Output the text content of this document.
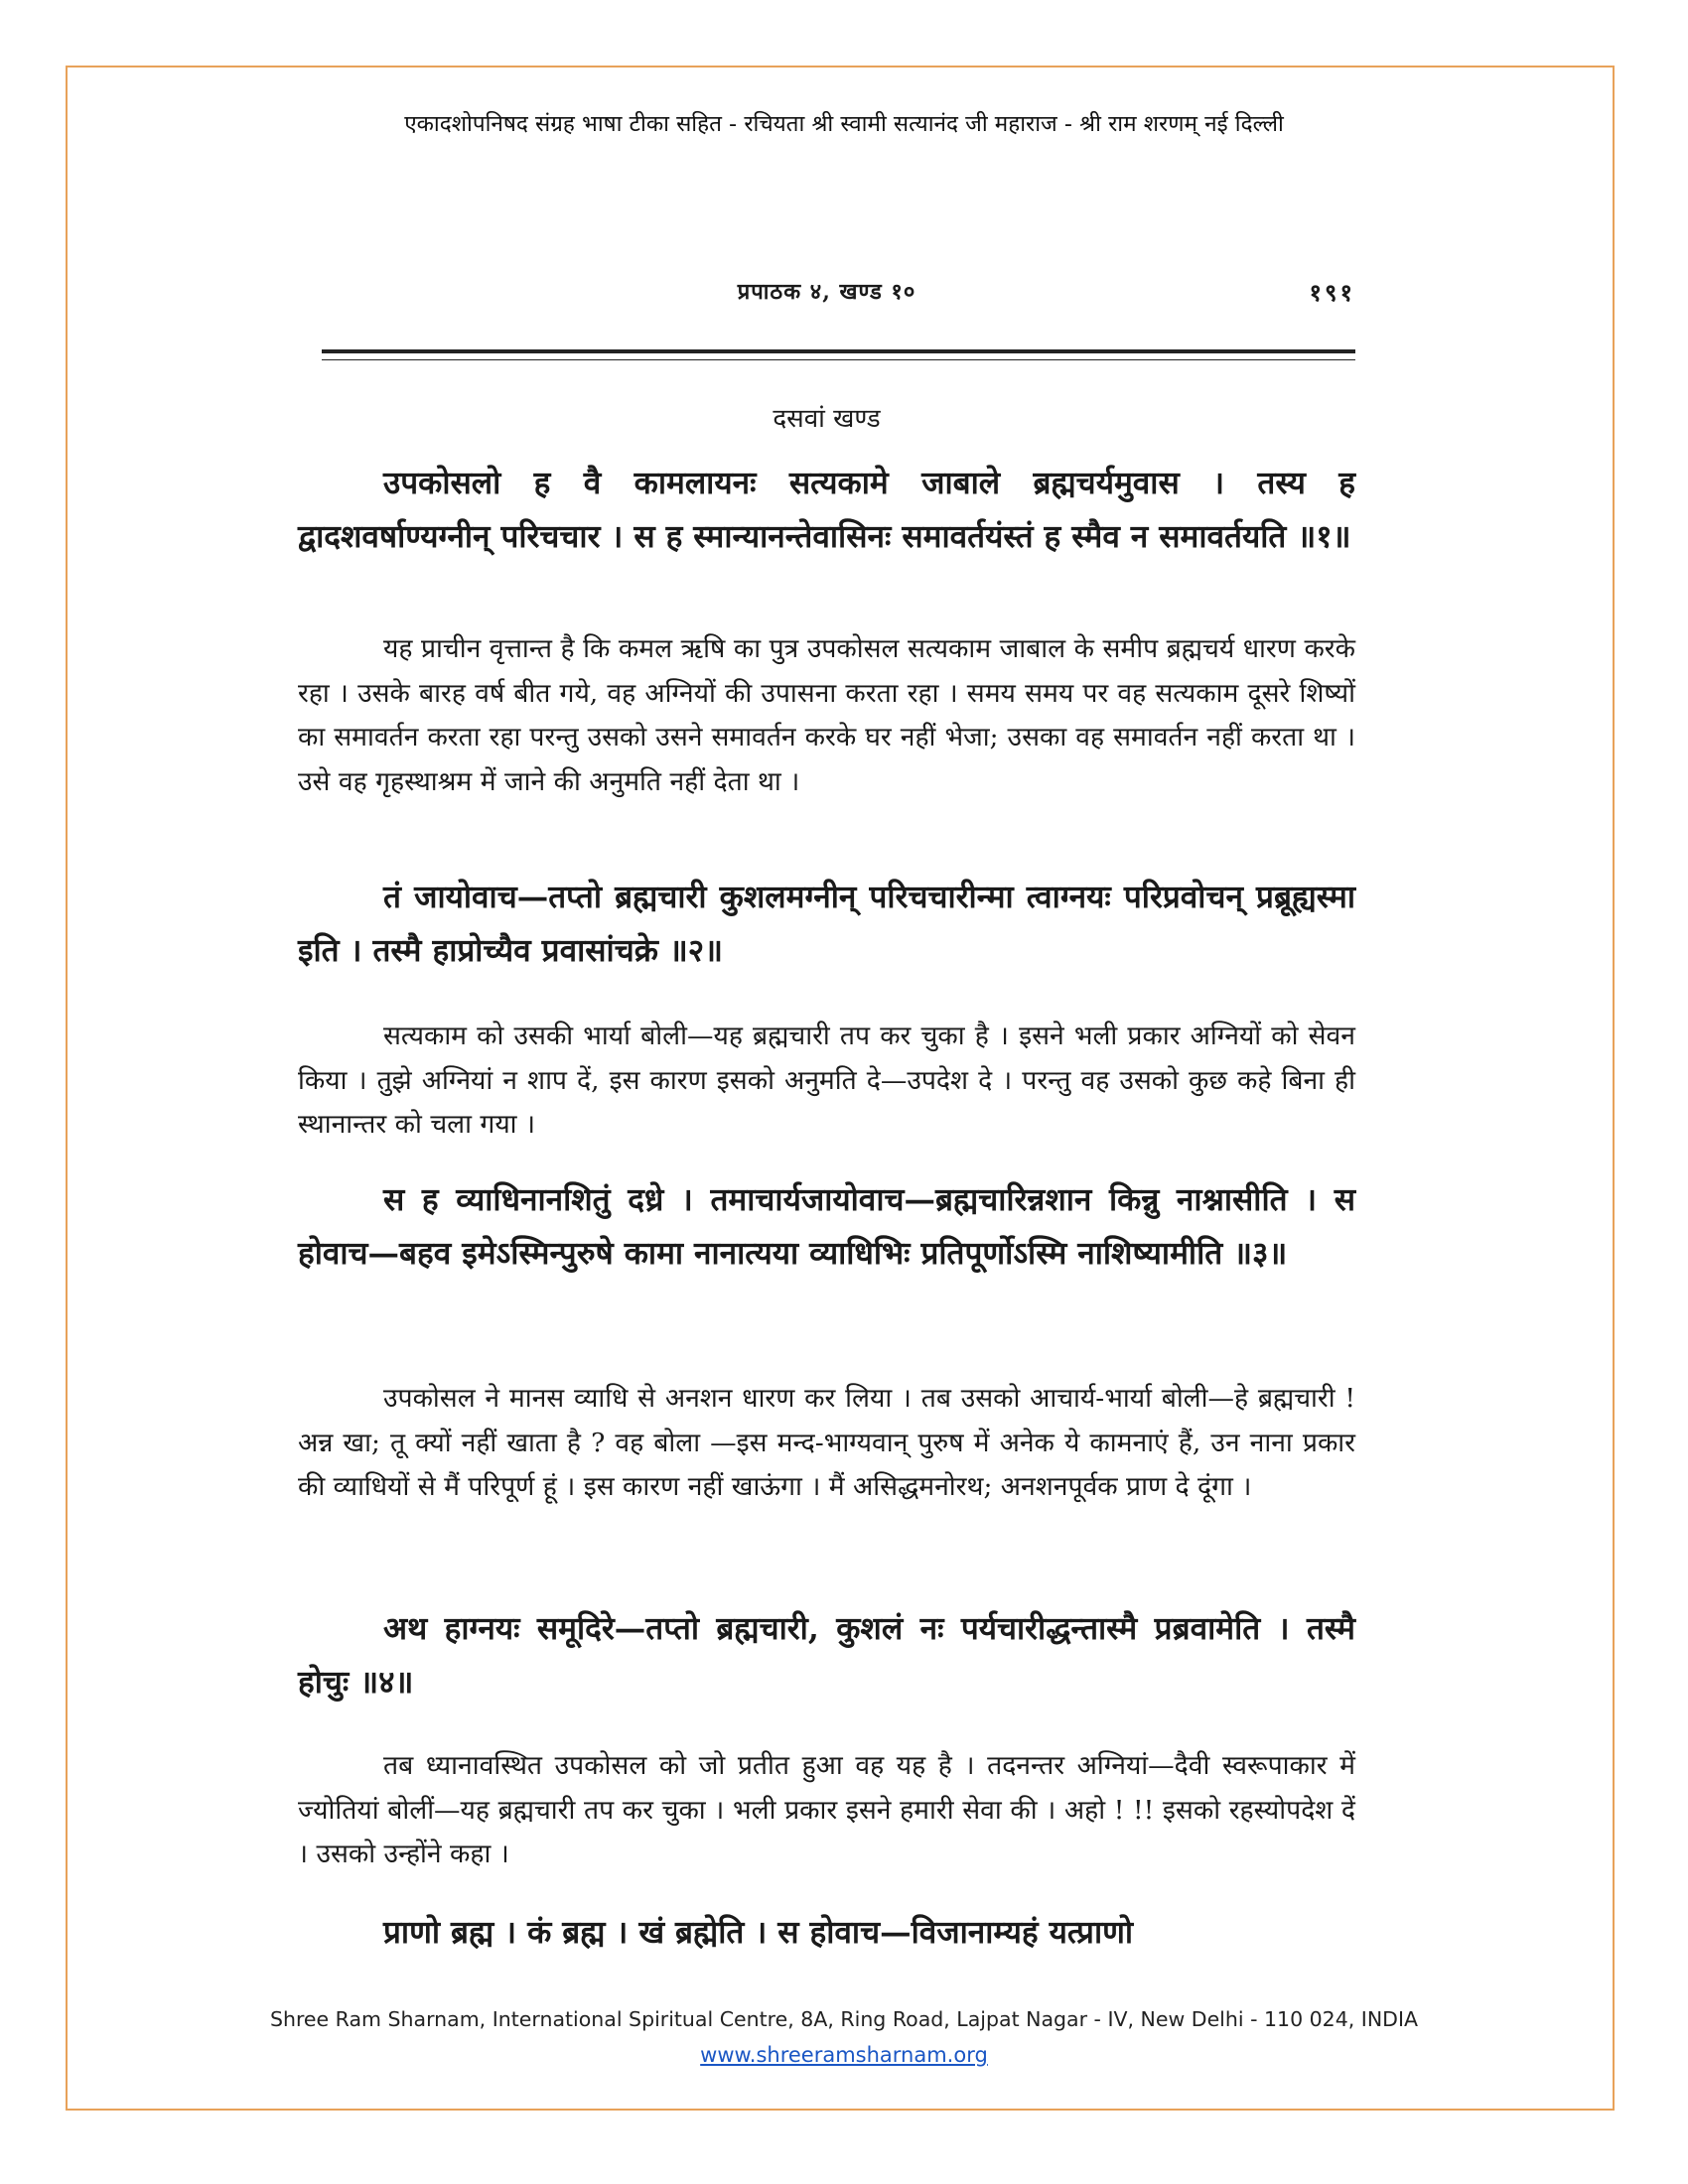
एकादशोपनिषद संग्रह भाषा टीका सहित - रचियता श्री स्वामी सत्यानंद जी महाराज - श्री राम शरणम् नई दिल्ली
प्रपाठक ४, खण्ड १०	१९१
दसवां खण्ड

उपकोसलो ह वै कामलायनः सत्यकामे जाबाले ब्रह्मचर्यमुवास । तस्य ह द्वादशवर्षाण्यग्नीन् परिचचार । स ह स्मान्यानन्तेवासिनः समावर्तयंस्तं ह स्मैव न समावर्तयति ॥१॥

यह प्राचीन वृत्तान्त है कि कमल ऋषि का पुत्र उपकोसल सत्यकाम जाबाल के समीप ब्रह्मचर्य धारण करके रहा । उसके बारह वर्ष बीत गये, वह अग्नियों की उपासना करता रहा । समय समय पर वह सत्यकाम दूसरे शिष्यों का समावर्तन करता रहा परन्तु उसको उसने समावर्तन करके घर नहीं भेजा; उसका वह समावर्तन नहीं करता था । उसे वह गृहस्थाश्रम में जाने की अनुमति नहीं देता था ।

तं जायोवाच—तप्तो ब्रह्मचारी कुशलमग्नीन् परिचचारीन्मा त्वाग्नयः परिप्रवोचन् प्रब्रूह्यस्मा इति । तस्मै हाप्रोच्यैव प्रवासांचक्रे ॥२॥

सत्यकाम को उसकी भार्या बोली—यह ब्रह्मचारी तप कर चुका है । इसने भली प्रकार अग्नियों को सेवन किया । तुझे अग्नियां न शाप दें, इस कारण इसको अनुमति दे—उपदेश दे । परन्तु वह उसको कुछ कहे बिना ही स्थानान्तर को चला गया ।

स ह व्याधिनानशितुं दध्रे । तमाचार्यजायोवाच—ब्रह्मचारिन्नशान किन्नु नाश्नासीति । स होवाच—बहव इमेऽस्मिन्पुरुषे कामा नानात्यया व्याधिभिः प्रतिपूर्णोऽस्मि नाशिष्यामीति ॥३॥

उपकोसल ने मानस व्याधि से अनशन धारण कर लिया । तब उसको आचार्य-भार्या बोली—हे ब्रह्मचारी ! अन्न खा; तू क्यों नहीं खाता है ? वह बोला —इस मन्द-भाग्यवान् पुरुष में अनेक ये कामनाएं हैं, उन नाना प्रकार की व्याधियों से मैं परिपूर्ण हूं । इस कारण नहीं खाऊंगा । मैं असिद्धमनोरथ; अनशनपूर्वक प्राण दे दूंगा ।

अथ हाग्नयः समूदिरे—तप्तो ब्रह्मचारी, कुशलं नः पर्यचारीद्धन्तास्मै प्रब्रवामेति । तस्मै होचुः ॥४॥

तब ध्यानावस्थित उपकोसल को जो प्रतीत हुआ वह यह है । तदनन्तर अग्नियां—दैवी स्वरूपाकार में ज्योतियां बोलीं—यह ब्रह्मचारी तप कर चुका । भली प्रकार इसने हमारी सेवा की । अहो ! !! इसको रहस्योपदेश दें । उसको उन्होंने कहा ।

प्राणो ब्रह्म । कं ब्रह्म । खं ब्रह्मेति । स होवाच—विजानाम्यहं यत्प्राणो

Shree Ram Sharnam, International Spiritual Centre, 8A, Ring Road, Lajpat Nagar - IV, New Delhi - 110 024, INDIA
www.shreeramsharnam.org
